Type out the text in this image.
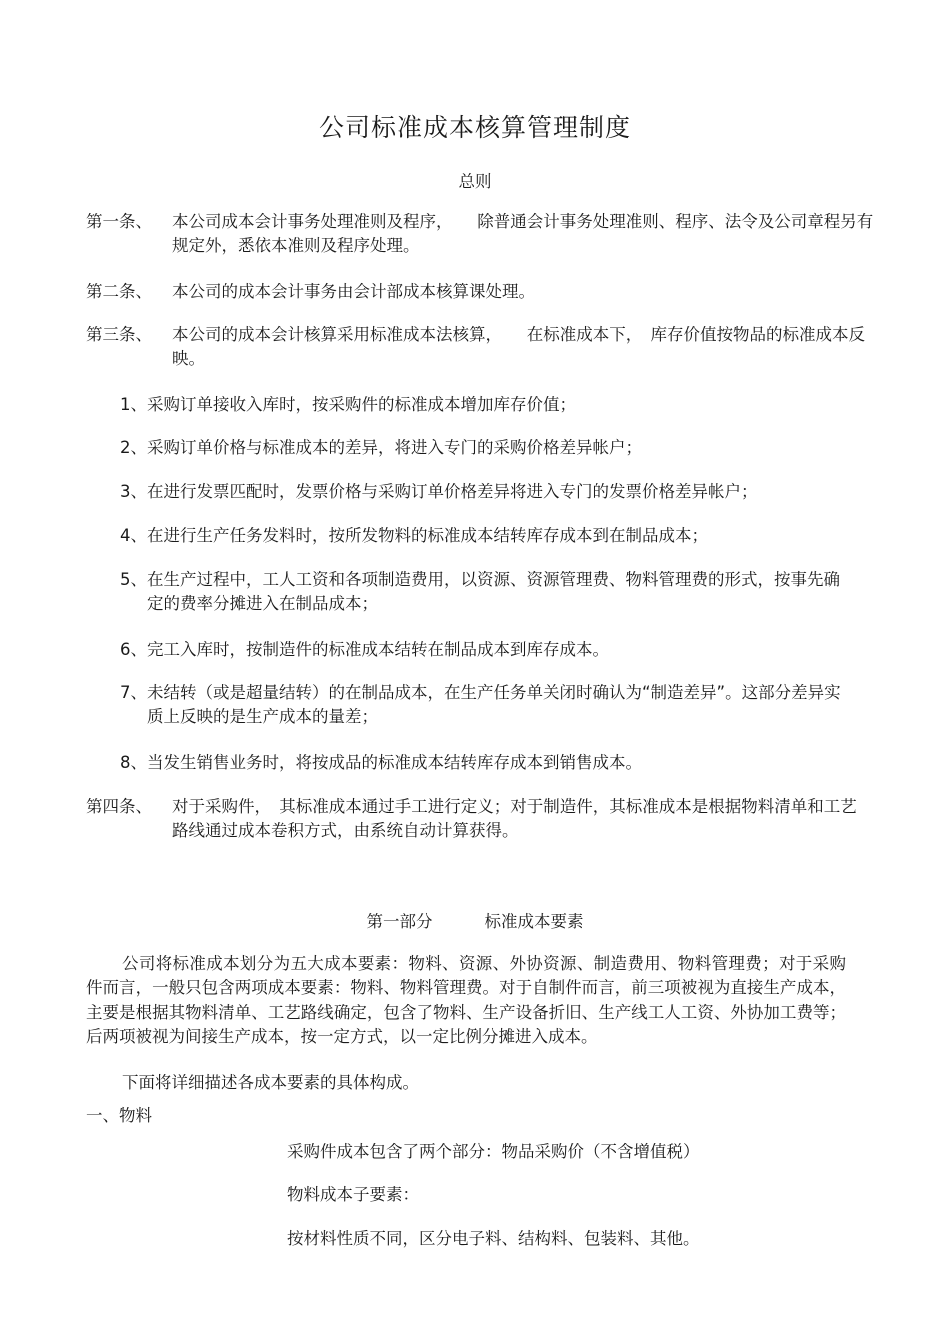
公司标准成本核算管理制度
总则
第一条、 本公司成本会计事务处理准则及程序，　　除普通会计事务处理准则、程序、法令及公司章程另有规定外，悉依本准则及程序处理。
第二条、 本公司的成本会计事务由会计部成本核算课处理。
第三条、 本公司的成本会计核算采用标准成本法核算，　　在标准成本下，　库存价值按物品的标准成本反映。
1、 采购订单接收入库时，按采购件的标准成本增加库存价值；
2、 采购订单价格与标准成本的差异，将进入专门的采购价格差异帐户；
3、 在进行发票匹配时，发票价格与采购订单价格差异将进入专门的发票价格差异帐户；
4、 在进行生产任务发料时，按所发物料的标准成本结转库存成本到在制品成本；
5、 在生产过程中，工人工资和各项制造费用，以资源、资源管理费、物料管理费的形式，按事先确定的费率分摊进入在制品成本；
6、 完工入库时，按制造件的标准成本结转在制品成本到库存成本。
7、 未结转（或是超量结转）的在制品成本，在生产任务单关闭时确认为“制造差异”。这部分差异实质上反映的是生产成本的量差；
8、 当发生销售业务时，将按成品的标准成本结转库存成本到销售成本。
第四条、 对于采购件，　其标准成本通过手工进行定义；对于制造件，其标准成本是根据物料清单和工艺路线通过成本卷积方式，由系统自动计算获得。
第一部分	标准成本要素
公司将标准成本划分为五大成本要素：物料、资源、外协资源、制造费用、物料管理费；对于采购件而言，一般只包含两项成本要素：物料、物料管理费。对于自制件而言，前三项被视为直接生产成本，主要是根据其物料清单、工艺路线确定，包含了物料、生产设备折旧、生产线工人工资、外协加工费等；后两项被视为间接生产成本，按一定方式，以一定比例分摊进入成本。
下面将详细描述各成本要素的具体构成。
一、物料
采购件成本包含了两个部分：物品采购价（不含增值税）
物料成本子要素：
按材料性质不同，区分电子料、结构料、包装料、其他。
